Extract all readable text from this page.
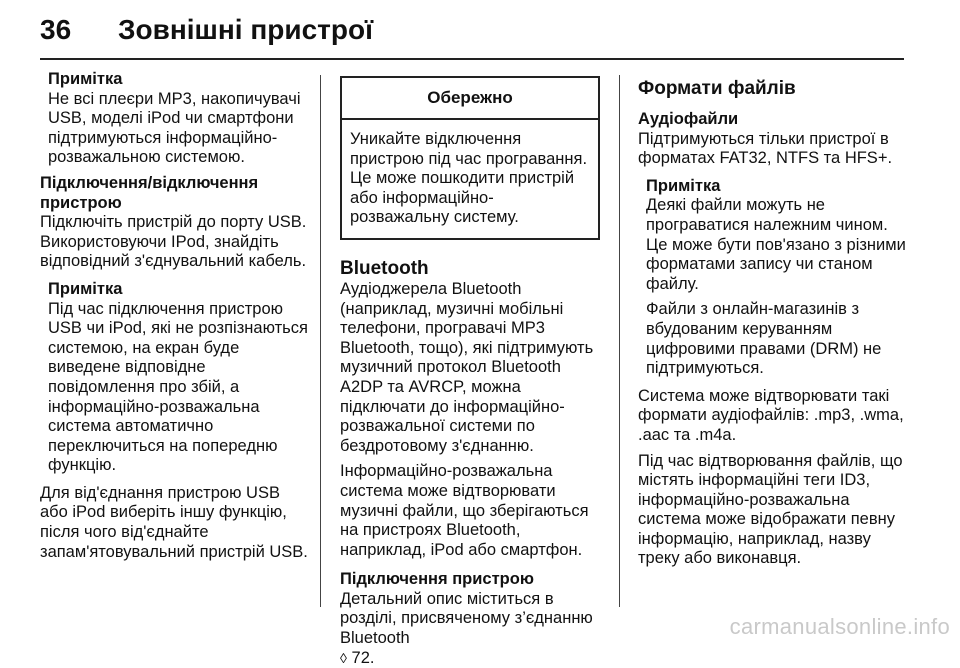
36 Зовнішні пристрої

Примітка

Не всі плеєри MP3, накопичувачі USB, моделі iPod чи смартфони підтримуються інформаційно-розважальною системою.

Підключення/відключення пристрою

Підключіть пристрій до порту USB. Використовуючи IPod, знайдіть відповідний з'єднувальний кабель.

Примітка

Під час підключення пристрою USB чи iPod, які не розпізнаються системою, на екран буде виведене відповідне повідомлення про збій, а інформаційно-розважальна система автоматично переключиться на попередню функцію.

Для від'єднання пристрою USB або iPod виберіть іншу функцію, після чого від'єднайте запам'ятовувальний пристрій USB.

Обережно
Уникайте відключення пристрою під час програвання. Це може пошкодити пристрій або інформаційно-розважальну систему.

Bluetooth

Аудіоджерела Bluetooth (наприклад, музичні мобільні телефони, програвачі MP3 Bluetooth, тощо), які підтримують музичний протокол Bluetooth A2DP та AVRCP, можна підключати до інформаційно-розважальної системи по бездротовому з'єднанню.

Інформаційно-розважальна система може відтворювати музичні файли, що зберігаються на пристроях Bluetooth, наприклад, iPod або смартфон.

Підключення пристрою

Детальний опис міститься в розділі, присвяченому з’єднанню Bluetooth
◊ 72.

Формати файлів

Аудіофайли

Підтримуються тільки пристрої в форматах FAT32, NTFS та HFS+.

Примітка

Деякі файли можуть не програватися належним чином. Це може бути пов'язано з різними форматами запису чи станом файлу.

Файли з онлайн-магазинів з вбудованим керуванням цифровими правами (DRM) не підтримуються.

Система може відтворювати такі формати аудіофайлів: .mp3, .wma, .aac та .m4a.

Під час відтворювання файлів, що містять інформаційні теги ID3, інформаційно-розважальна система може відображати певну інформацію, наприклад, назву треку або виконавця.

carmanualsonline.info
